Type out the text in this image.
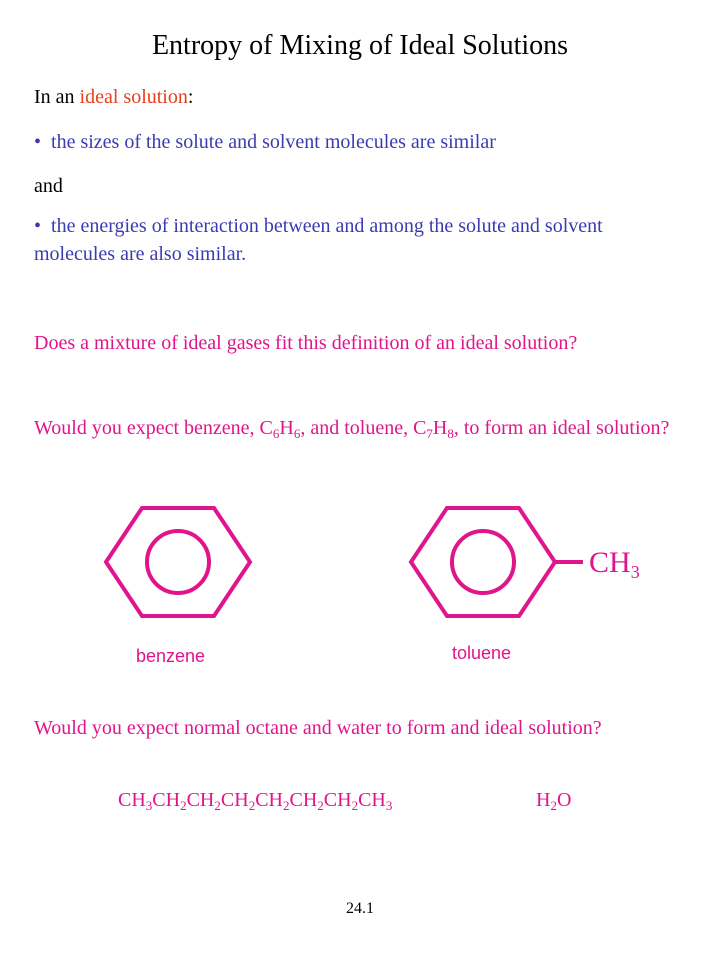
Entropy of Mixing of Ideal Solutions
In an ideal solution:
• the sizes of the solute and solvent molecules are similar
and
• the energies of interaction between and among the solute and solvent molecules are also similar.
Does a mixture of ideal gases fit this definition of an ideal solution?
Would you expect benzene, $C_6H_6$, and toluene, $C_7H_8$, to form an ideal solution?
$CH_3$
benzene	toluene
Would you expect normal octane and water to form and ideal solution?
$CH_3CH_2CH_2CH_2CH_2CH_2CH_2CH_3$	$H_2O$
24.1
